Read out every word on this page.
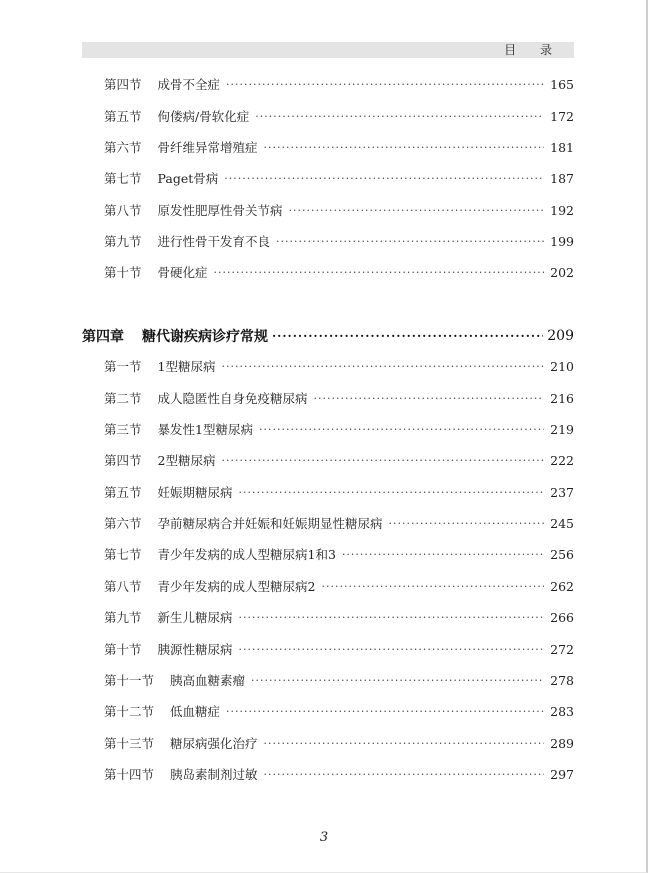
目 录
第四节 成骨不全症 ·····	165
第五节 佝偻病/骨软化症 ·····	172
第六节 骨纤维异常增殖症 ·····	181
第七节 Paget骨病 ·····	187
第八节 原发性肥厚性骨关节病 ·····	192
第九节 进行性骨干发育不良 ·····	199
第十节 骨硬化症 ·····	202
第四章 糖代谢疾病诊疗常规 ·····	209
第一节 1型糖尿病 ·····	210
第二节 成人隐匿性自身免疫糖尿病 ·····	216
第三节 暴发性1型糖尿病 ·····	219
第四节 2型糖尿病 ·····	222
第五节 妊娠期糖尿病 ·····	237
第六节 孕前糖尿病合并妊娠和妊娠期显性糖尿病 ·····	245
第七节 青少年发病的成人型糖尿病1和3 ·····	256
第八节 青少年发病的成人型糖尿病2 ·····	262
第九节 新生儿糖尿病 ·····	266
第十节 胰源性糖尿病 ·····	272
第十一节 胰高血糖素瘤 ·····	278
第十二节 低血糖症 ·····	283
第十三节 糖尿病强化治疗 ·····	289
第十四节 胰岛素制剂过敏 ·····	297
3
